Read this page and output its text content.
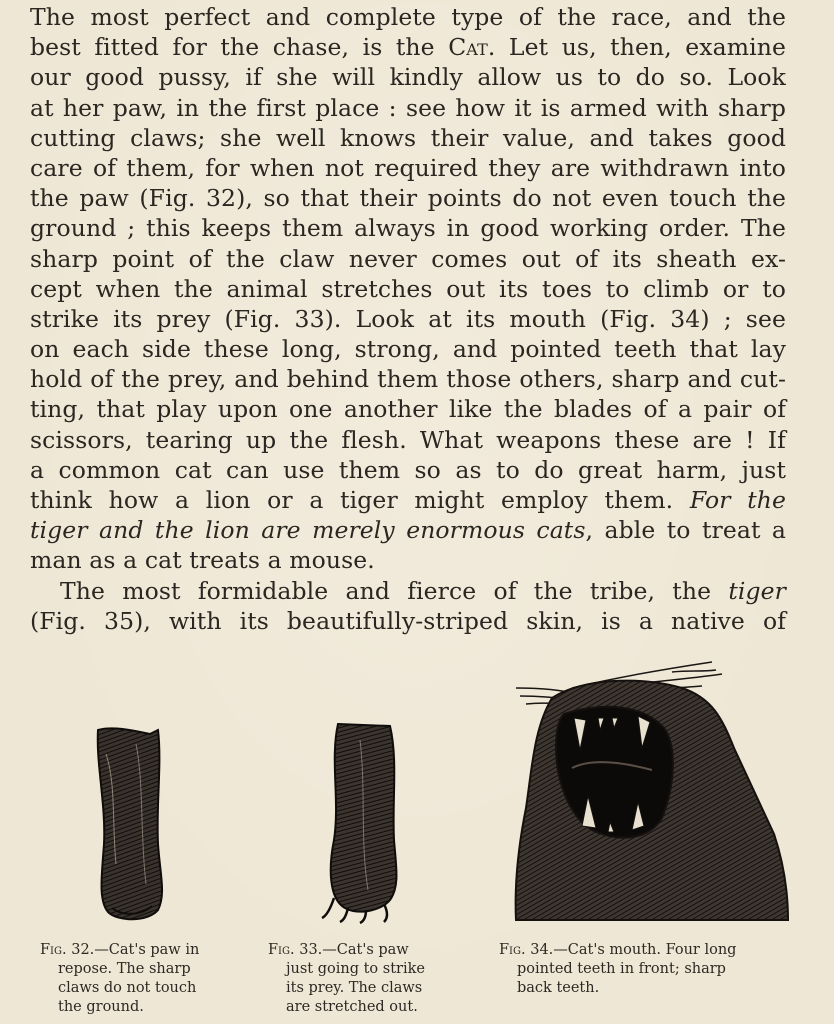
The most perfect and complete type of the race, and the
best fitted for the chase, is the Cat. Let us, then, examine
our good pussy, if she will kindly allow us to do so. Look
at her paw, in the first place : see how it is armed with sharp
cutting claws; she well knows their value, and takes good
care of them, for when not required they are withdrawn into
the paw (Fig. 32), so that their points do not even touch the
ground ; this keeps them always in good working order. The
sharp point of the claw never comes out of its sheath ex-
cept when the animal stretches out its toes to climb or to
strike its prey (Fig. 33). Look at its mouth (Fig. 34) ; see
on each side these long, strong, and pointed teeth that lay
hold of the prey, and behind them those others, sharp and cut-
ting, that play upon one another like the blades of a pair of
scissors, tearing up the flesh. What weapons these are ! If
a common cat can use them so as to do great harm, just
think how a lion or a tiger might employ them. For the
tiger and the lion are merely enormous cats, able to treat a
man as a cat treats a mouse.
The most formidable and fierce of the tribe, the tiger
(Fig. 35), with its beautifully-striped skin, is a native of
Fig. 32.—Cat's paw in
repose. The sharp
claws do not touch
the ground.
Fig. 33.—Cat's paw
just going to strike
its prey. The claws
are stretched out.
Fig. 34.—Cat's mouth. Four long
pointed teeth in front; sharp
back teeth.
